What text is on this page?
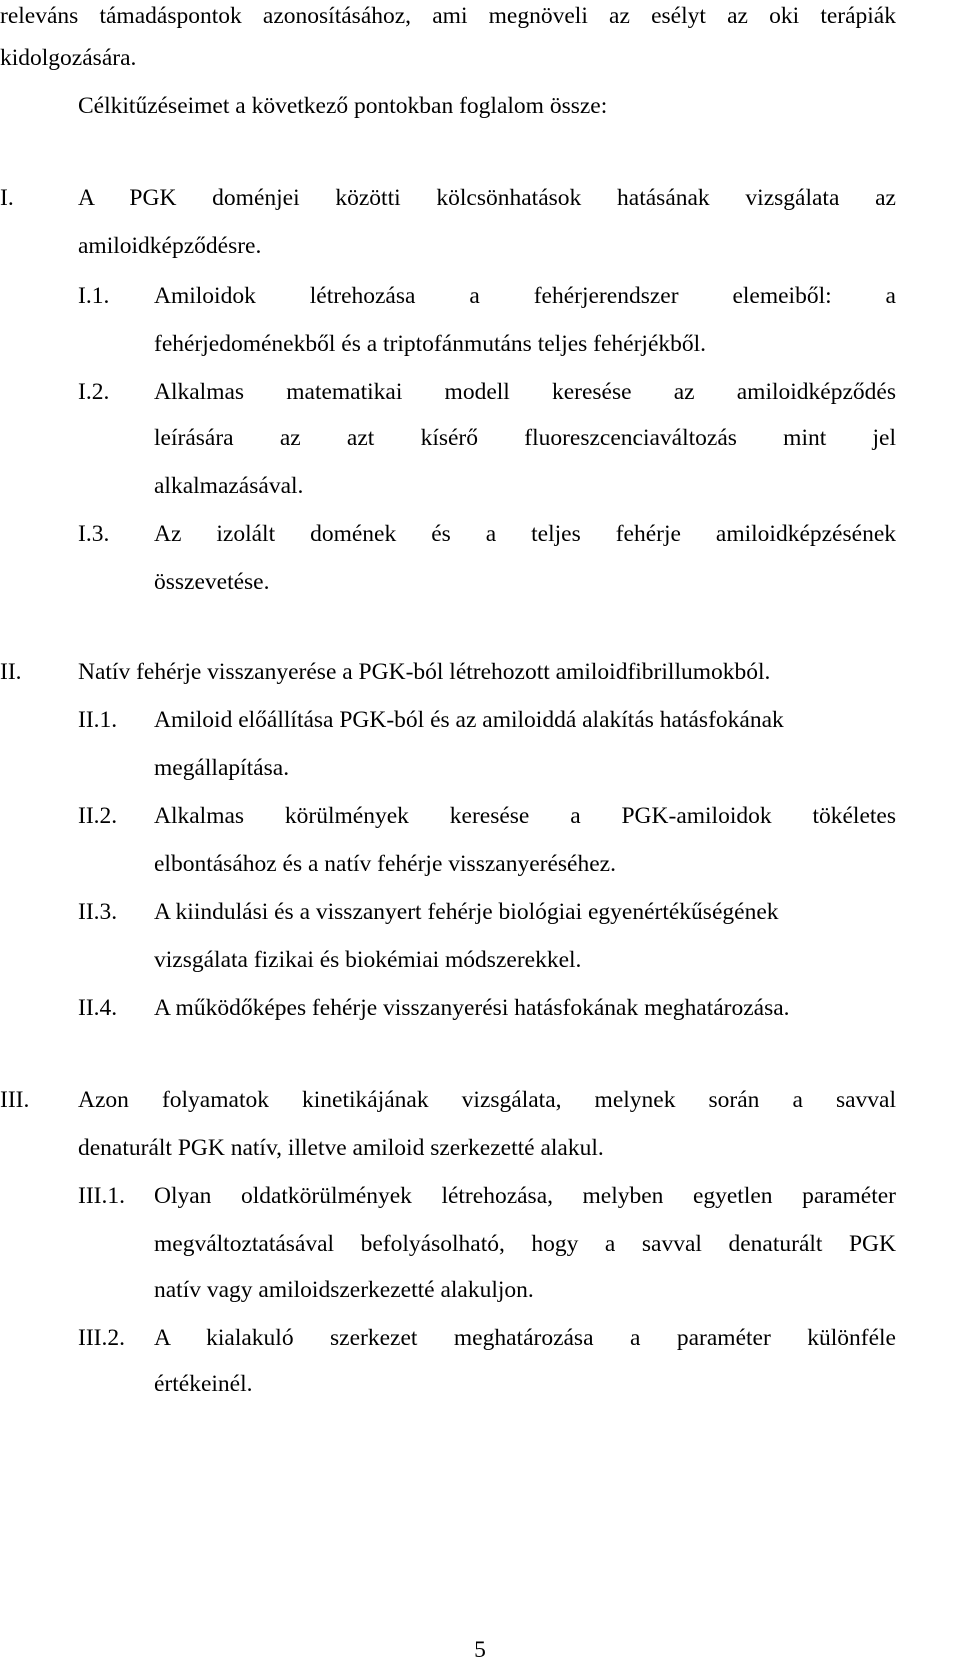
releváns támadáspontok azonosításához, ami megnöveli az esélyt az oki terápiák
kidolgozására.
Célkitűzéseimet a következő pontokban foglalom össze:
I.	A PGK doménjei közötti kölcsönhatások hatásának vizsgálata az
amiloidképződésre.
I.1. Amiloidok létrehozása a fehérjerendszer elemeiből: a
fehérjedoménekből és a triptofánmutáns teljes fehérjékből.
I.2. Alkalmas matematikai modell keresése az amiloidképződés
leírására az azt kísérő fluoreszcenciaváltozás mint jel
alkalmazásával.
I.3. Az izolált domének és a teljes fehérje amiloidképzésének
összevetése.
II. Natív fehérje visszanyerése a PGK-ból létrehozott amiloidfibrillumokból.
II.1. Amiloid előállítása PGK-ból és az amiloiddá alakítás hatásfokának
megállapítása.
II.2. Alkalmas körülmények keresése a PGK-amiloidok tökéletes
elbontásához és a natív fehérje visszanyeréséhez.
II.3. A kiindulási és a visszanyert fehérje biológiai egyenértékűségének
vizsgálata fizikai és biokémiai módszerekkel.
II.4. A működőképes fehérje visszanyerési hatásfokának meghatározása.
III. Azon folyamatok kinetikájának vizsgálata, melynek során a savval
denaturált PGK natív, illetve amiloid szerkezetté alakul.
III.1. Olyan oldatkörülmények létrehozása, melyben egyetlen paraméter
megváltoztatásával befolyásolható, hogy a savval denaturált PGK
natív vagy amiloidszerkezetté alakuljon.
III.2. A kialakuló szerkezet meghatározása a paraméter különféle
értékeinél.
5
